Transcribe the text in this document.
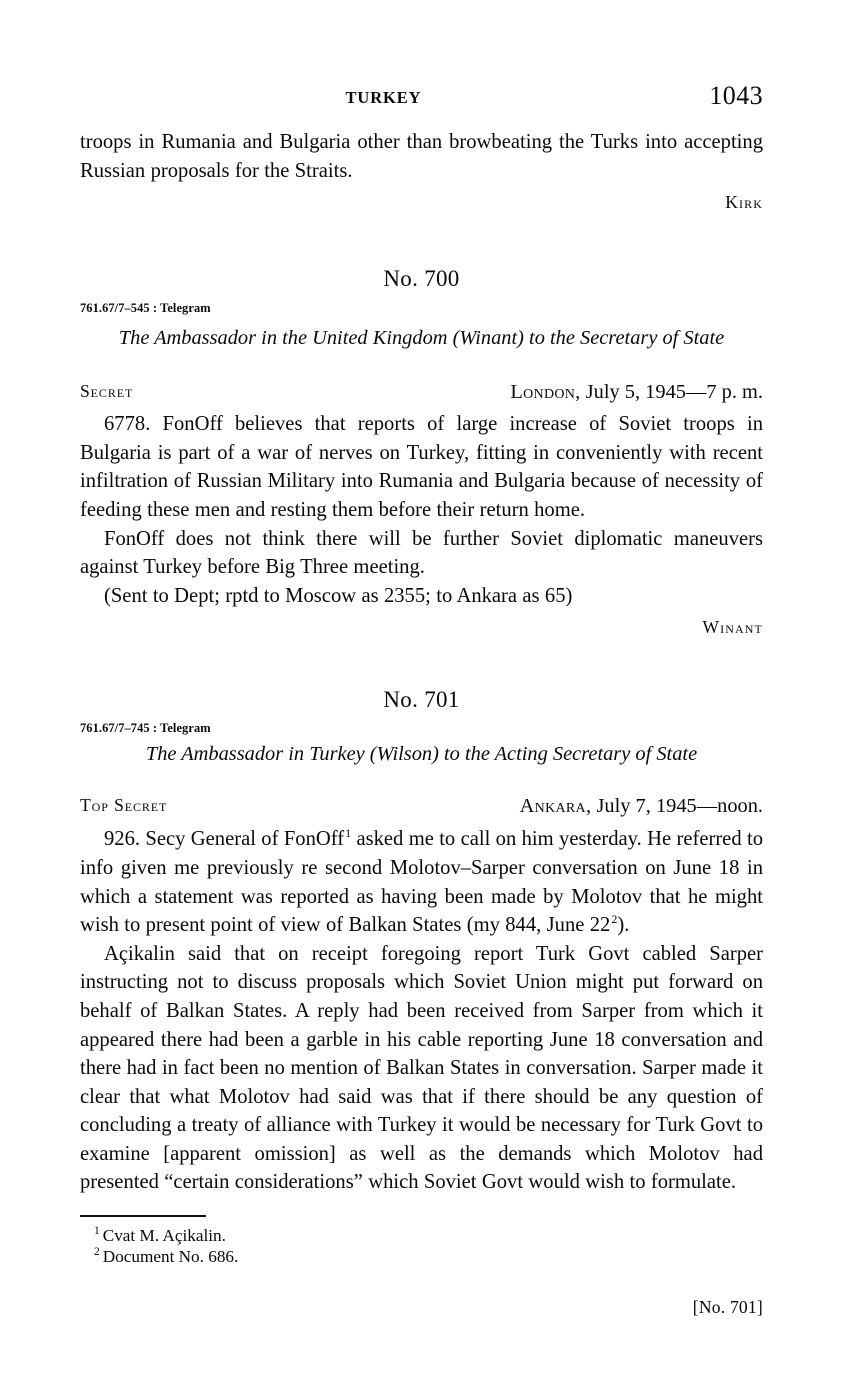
TURKEY	1043

troops in Rumania and Bulgaria other than browbeating the Turks into accepting Russian proposals for the Straits.

Kirk
No. 700
761.67/7–545 : Telegram
The Ambassador in the United Kingdom (Winant) to the Secretary of State
Secret	London, July 5, 1945—7 p. m.

6778. FonOff believes that reports of large increase of Soviet troops in Bulgaria is part of a war of nerves on Turkey, fitting in conveniently with recent infiltration of Russian Military into Rumania and Bulgaria because of necessity of feeding these men and resting them before their return home.

FonOff does not think there will be further Soviet diplomatic maneuvers against Turkey before Big Three meeting.

(Sent to Dept; rptd to Moscow as 2355; to Ankara as 65)

Winant
No. 701
761.67/7–745 : Telegram
The Ambassador in Turkey (Wilson) to the Acting Secretary of State
Top Secret	Ankara, July 7, 1945—noon.

926. Secy General of FonOff$^1$ asked me to call on him yesterday. He referred to info given me previously re second Molotov–Sarper conversation on June 18 in which a statement was reported as having been made by Molotov that he might wish to present point of view of Balkan States (my 844, June 22$^2$).

Açikalin said that on receipt foregoing report Turk Govt cabled Sarper instructing not to discuss proposals which Soviet Union might put forward on behalf of Balkan States. A reply had been received from Sarper from which it appeared there had been a garble in his cable reporting June 18 conversation and there had in fact been no mention of Balkan States in conversation. Sarper made it clear that what Molotov had said was that if there should be any question of concluding a treaty of alliance with Turkey it would be necessary for Turk Govt to examine [apparent omission] as well as the demands which Molotov had presented “certain considerations” which Soviet Govt would wish to formulate.

$^1$ Cvat M. Açikalin.

$^2$ Document No. 686.

[No. 701]
